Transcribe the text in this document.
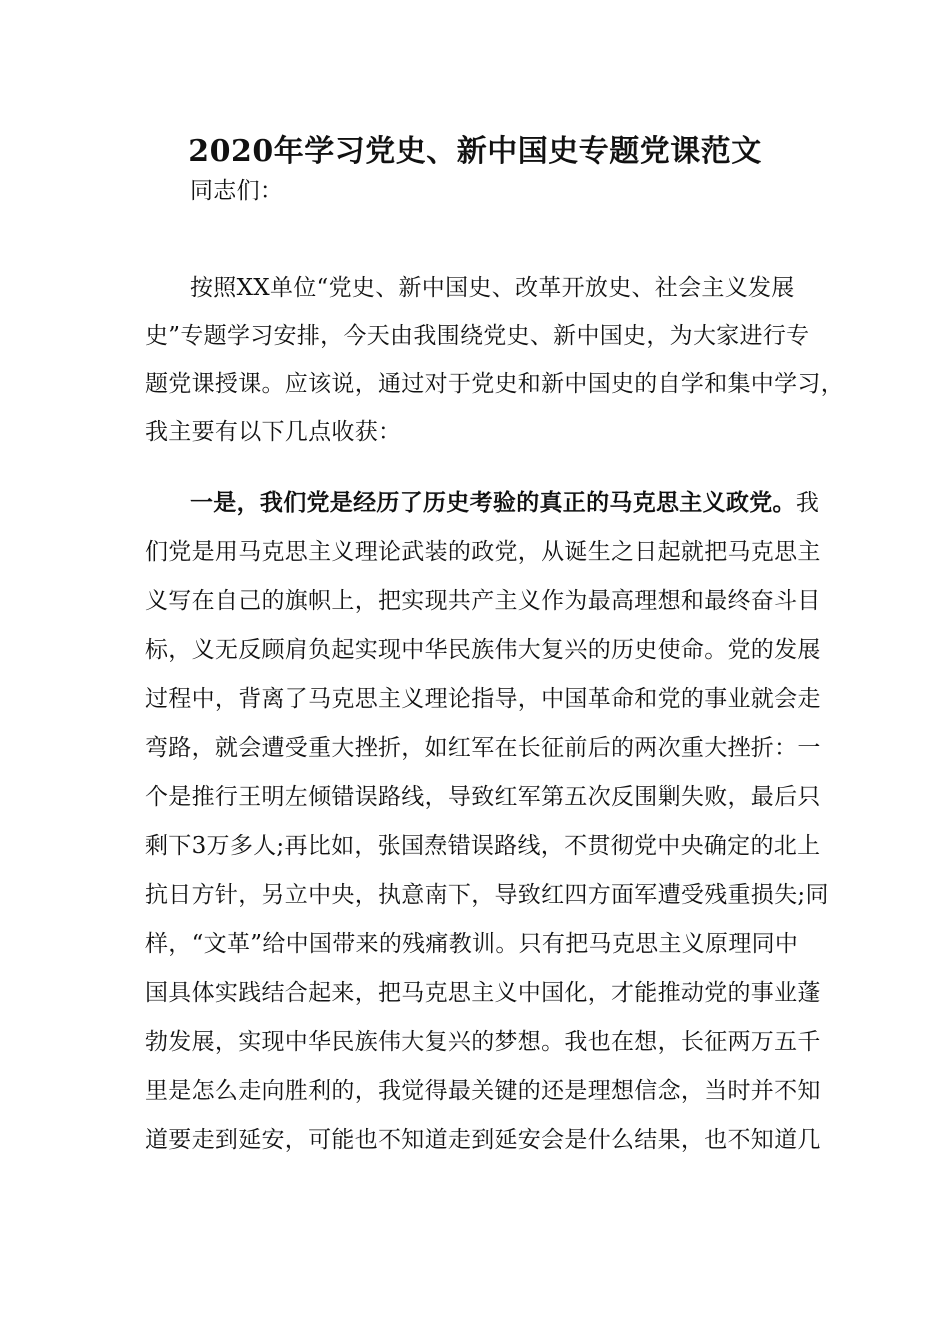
2020年学习党史、新中国史专题党课范文
同志们：
按照XX单位“党史、新中国史、改革开放史、社会主义发展
史”专题学习安排，今天由我围绕党史、新中国史，为大家进行专
题党课授课。应该说，通过对于党史和新中国史的自学和集中学习，
我主要有以下几点收获：
一是，我们党是经历了历史考验的真正的马克思主义政党。我
们党是用马克思主义理论武装的政党，从诞生之日起就把马克思主
义写在自己的旗帜上，把实现共产主义作为最高理想和最终奋斗目
标，义无反顾肩负起实现中华民族伟大复兴的历史使命。党的发展
过程中，背离了马克思主义理论指导，中国革命和党的事业就会走
弯路，就会遭受重大挫折，如红军在长征前后的两次重大挫折：一
个是推行王明左倾错误路线，导致红军第五次反围剿失败，最后只
剩下3万多人;再比如，张国焘错误路线，不贯彻党中央确定的北上
抗日方针，另立中央，执意南下，导致红四方面军遭受残重损失;同
样，“文革”给中国带来的残痛教训。只有把马克思主义原理同中
国具体实践结合起来，把马克思主义中国化，才能推动党的事业蓬
勃发展，实现中华民族伟大复兴的梦想。我也在想，长征两万五千
里是怎么走向胜利的，我觉得最关键的还是理想信念，当时并不知
道要走到延安，可能也不知道走到延安会是什么结果，也不知道几
